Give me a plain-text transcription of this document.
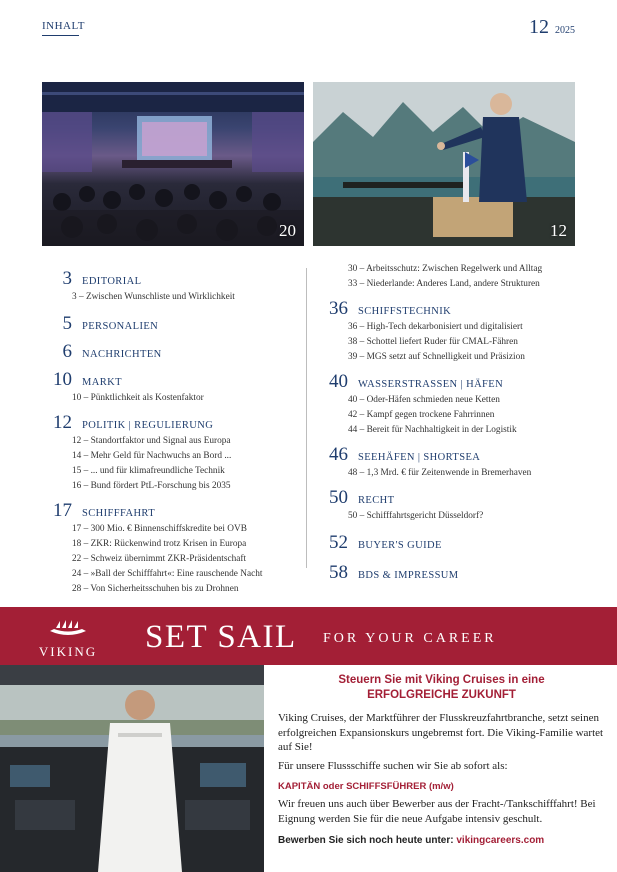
INHALT	12 2025
20	12
3 EDITORIAL
3 – Zwischen Wunschliste und Wirklichkeit
5 PERSONALIEN
6 NACHRICHTEN
10 MARKT
10 – Pünktlichkeit als Kostenfaktor
12 POLITIK | REGULIERUNG
12 – Standortfaktor und Signal aus Europa
14 – Mehr Geld für Nachwuchs an Bord ...
15 – ... und für klimafreundliche Technik
16 – Bund fördert PtL-Forschung bis 2035
17 SCHIFFFAHRT
17 – 300 Mio. € Binnenschiffskredite bei OVB
18 – ZKR: Rückenwind trotz Krisen in Europa
22 – Schweiz übernimmt ZKR-Präsidentschaft
24 – »Ball der Schifffahrt«: Eine rauschende Nacht
28 – Von Sicherheitsschuhen bis zu Drohnen
30 – Arbeitsschutz: Zwischen Regelwerk und Alltag
33 – Niederlande: Anderes Land, andere Strukturen
36 SCHIFFSTECHNIK
36 – High-Tech dekarbonisiert und digitalisiert
38 – Schottel liefert Ruder für CMAL-Fähren
39 – MGS setzt auf Schnelligkeit und Präsizion
40 WASSERSTRASSEN | HÄFEN
40 – Oder-Häfen schmieden neue Ketten
42 – Kampf gegen trockene Fahrrinnen
44 – Bereit für Nachhaltigkeit in der Logistik
46 SEEHÄFEN | SHORTSEA
48 – 1,3 Mrd. € für Zeitenwende in Bremerhaven
50 RECHT
50 – Schifffahrtsgericht Düsseldorf?
52 BUYER'S GUIDE
58 BDS & IMPRESSUM
VIKING SET SAIL FOR YOUR CAREER
Steuern Sie mit Viking Cruises in eine
ERFOLGREICHE ZUKUNFT
Viking Cruises, der Marktführer der Flusskreuzfahrtbranche, setzt seinen erfolgreichen Expansionskurs ungebremst fort. Die Viking-Familie wartet auf Sie!
Für unsere Flussschiffe suchen wir Sie ab sofort als:
KAPITÄN oder SCHIFFSFÜHRER (m/w)
Wir freuen uns auch über Bewerber aus der Fracht-/Tankschifffahrt! Bei Eignung werden Sie für die neue Aufgabe intensiv geschult.
Bewerben Sie sich noch heute unter: vikingcareers.com
